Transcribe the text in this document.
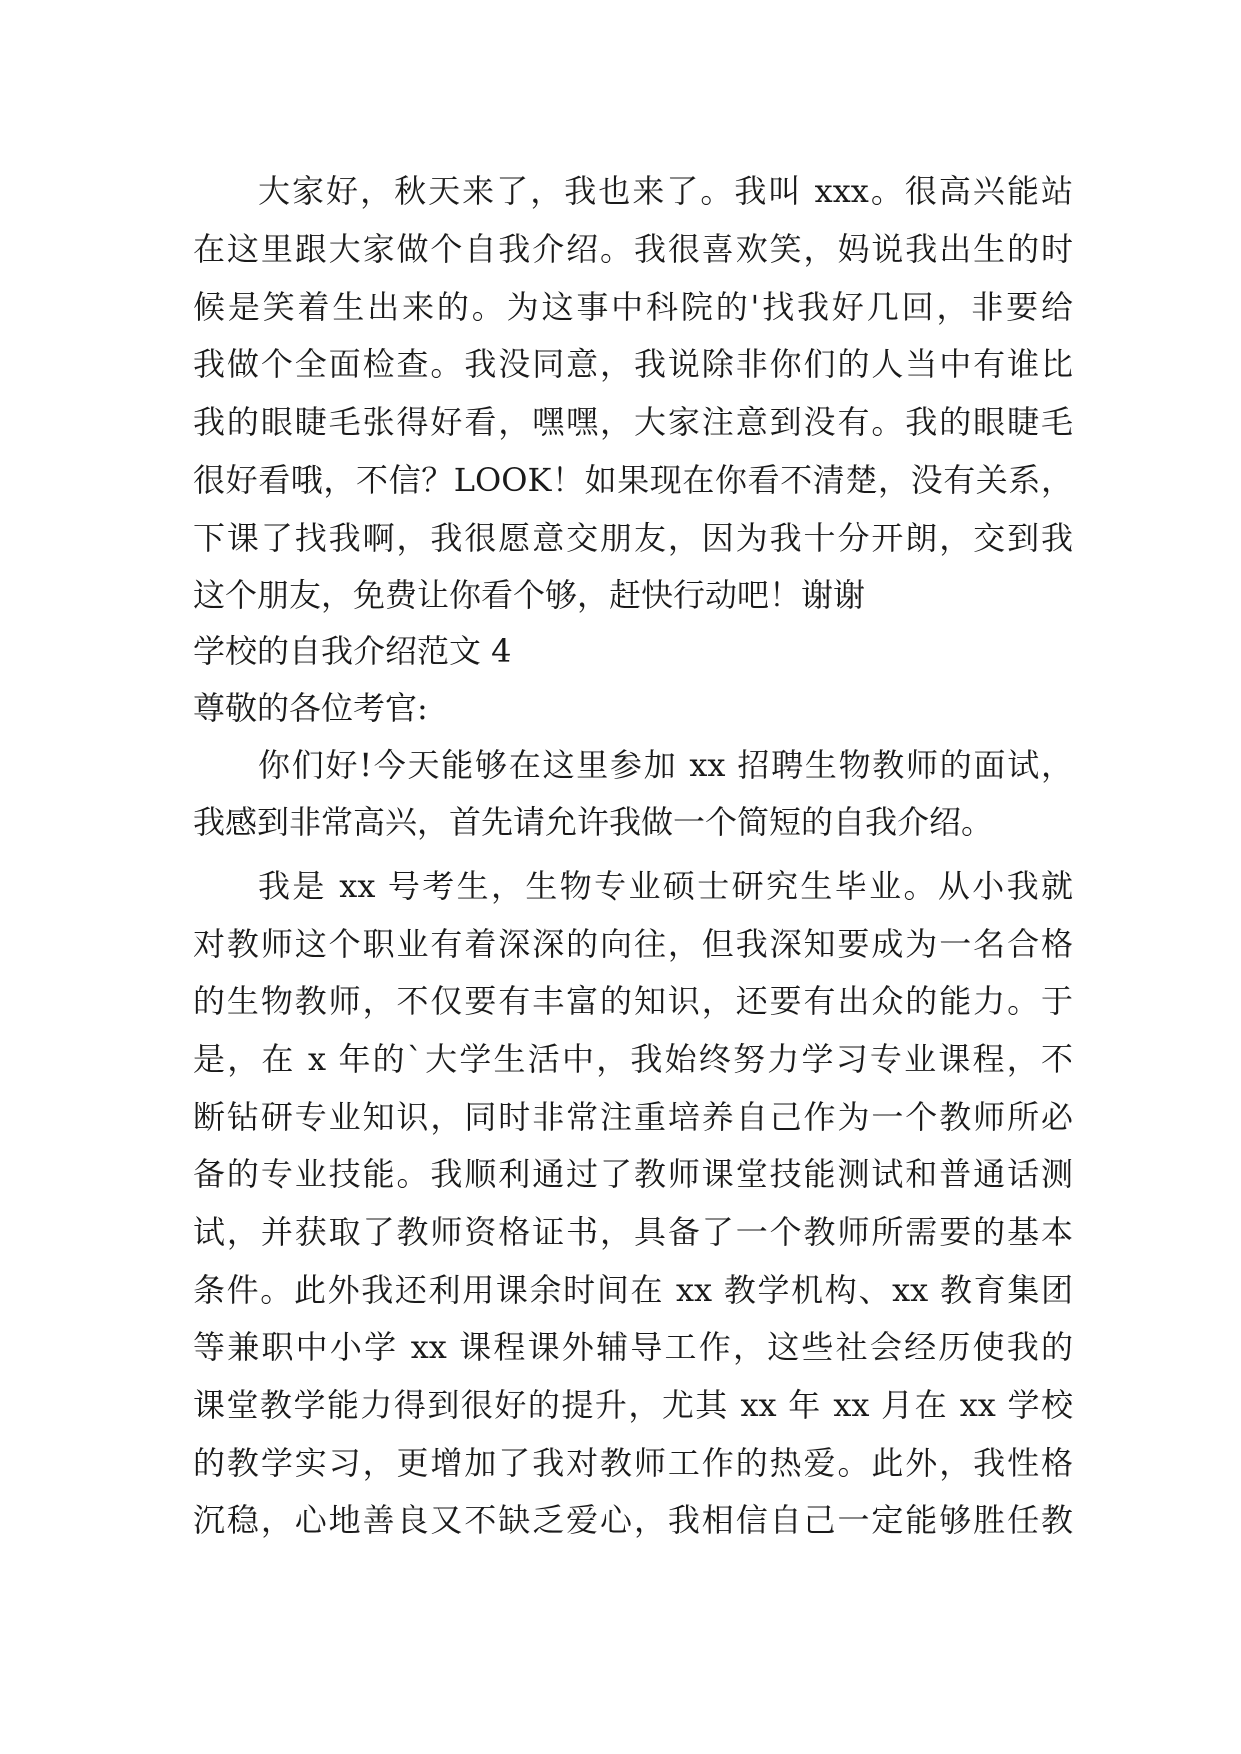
大家好，秋天来了，我也来了。我叫 xxx。很高兴能站

在这里跟大家做个自我介绍。我很喜欢笑，妈说我出生的时

候是笑着生出来的。为这事中科院的'找我好几回，非要给

我做个全面检查。我没同意，我说除非你们的人当中有谁比

我的眼睫毛张得好看，嘿嘿，大家注意到没有。我的眼睫毛

很好看哦，不信？LOOK！如果现在你看不清楚，没有关系，

下课了找我啊，我很愿意交朋友，因为我十分开朗，交到我

这个朋友，免费让你看个够，赶快行动吧！谢谢

学校的自我介绍范文 4

尊敬的各位考官:

你们好!今天能够在这里参加 xx 招聘生物教师的面试，

我感到非常高兴，首先请允许我做一个简短的自我介绍。

我是 xx 号考生，生物专业硕士研究生毕业。从小我就

对教师这个职业有着深深的向往，但我深知要成为一名合格

的生物教师，不仅要有丰富的知识，还要有出众的能力。于

是，在 x 年的`大学生活中，我始终努力学习专业课程，不

断钻研专业知识，同时非常注重培养自己作为一个教师所必

备的专业技能。我顺利通过了教师课堂技能测试和普通话测

试，并获取了教师资格证书，具备了一个教师所需要的基本

条件。此外我还利用课余时间在 xx 教学机构、xx 教育集团

等兼职中小学 xx 课程课外辅导工作，这些社会经历使我的

课堂教学能力得到很好的提升，尤其 xx 年 xx 月在 xx 学校

的教学实习，更增加了我对教师工作的热爱。此外，我性格

沉稳，心地善良又不缺乏爱心，我相信自己一定能够胜任教
